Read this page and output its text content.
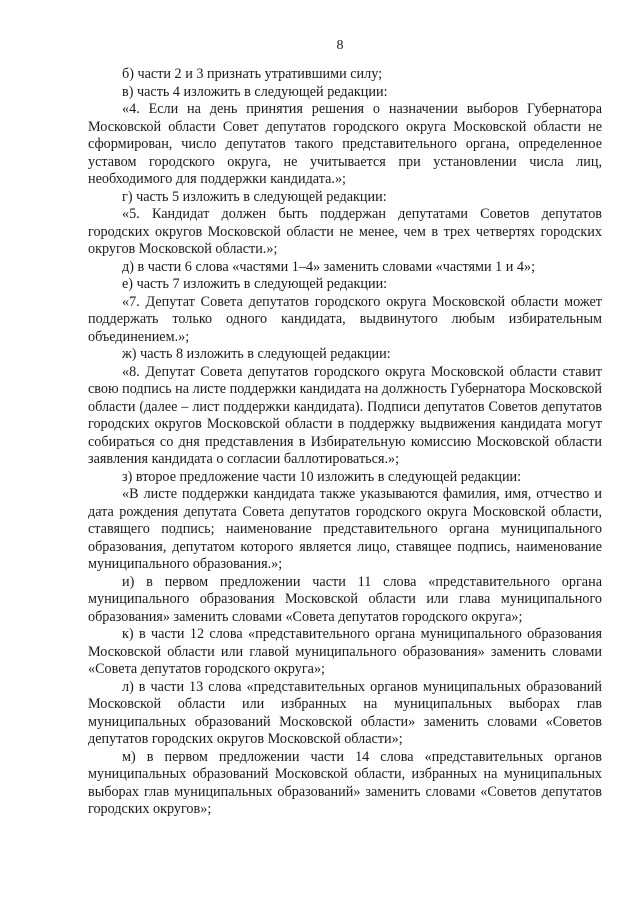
8

б) части 2 и 3 признать утратившими силу;

в) часть 4 изложить в следующей редакции:

«4. Если на день принятия решения о назначении выборов Губернатора Московской области Совет депутатов городского округа Московской области не сформирован, число депутатов такого представительного органа, определенное уставом городского округа, не учитывается при установлении числа лиц, необходимого для поддержки кандидата.»;

г) часть 5 изложить в следующей редакции:

«5. Кандидат должен быть поддержан депутатами Советов депутатов городских округов Московской области не менее, чем в трех четвертях городских округов Московской области.»;

д) в части 6 слова «частями 1–4» заменить словами «частями 1 и 4»;

е) часть 7 изложить в следующей редакции:

«7. Депутат Совета депутатов городского округа Московской области может поддержать только одного кандидата, выдвинутого любым избирательным объединением.»;

ж) часть 8 изложить в следующей редакции:

«8. Депутат Совета депутатов городского округа Московской области ставит свою подпись на листе поддержки кандидата на должность Губернатора Московской области (далее – лист поддержки кандидата). Подписи депутатов Советов депутатов городских округов Московской области в поддержку выдвижения кандидата могут собираться со дня представления в Избирательную комиссию Московской области заявления кандидата о согласии баллотироваться.»;

з) второе предложение части 10 изложить в следующей редакции:

«В листе поддержки кандидата также указываются фамилия, имя, отчество и дата рождения депутата Совета депутатов городского округа Московской области, ставящего подпись; наименование представительного органа муниципального образования, депутатом которого является лицо, ставящее подпись, наименование муниципального образования.»;

и) в первом предложении части 11 слова «представительного органа муниципального образования Московской области или глава муниципального образования» заменить словами «Совета депутатов городского округа»;

к) в части 12 слова «представительного органа муниципального образования Московской области или главой муниципального образования» заменить словами «Совета депутатов городского округа»;

л) в части 13 слова «представительных органов муниципальных образований Московской области или избранных на муниципальных выборах глав муниципальных образований Московской области» заменить словами «Советов депутатов городских округов Московской области»;

м) в первом предложении части 14 слова «представительных органов муниципальных образований Московской области, избранных на муниципальных выборах глав муниципальных образований» заменить словами «Советов депутатов городских округов»;
